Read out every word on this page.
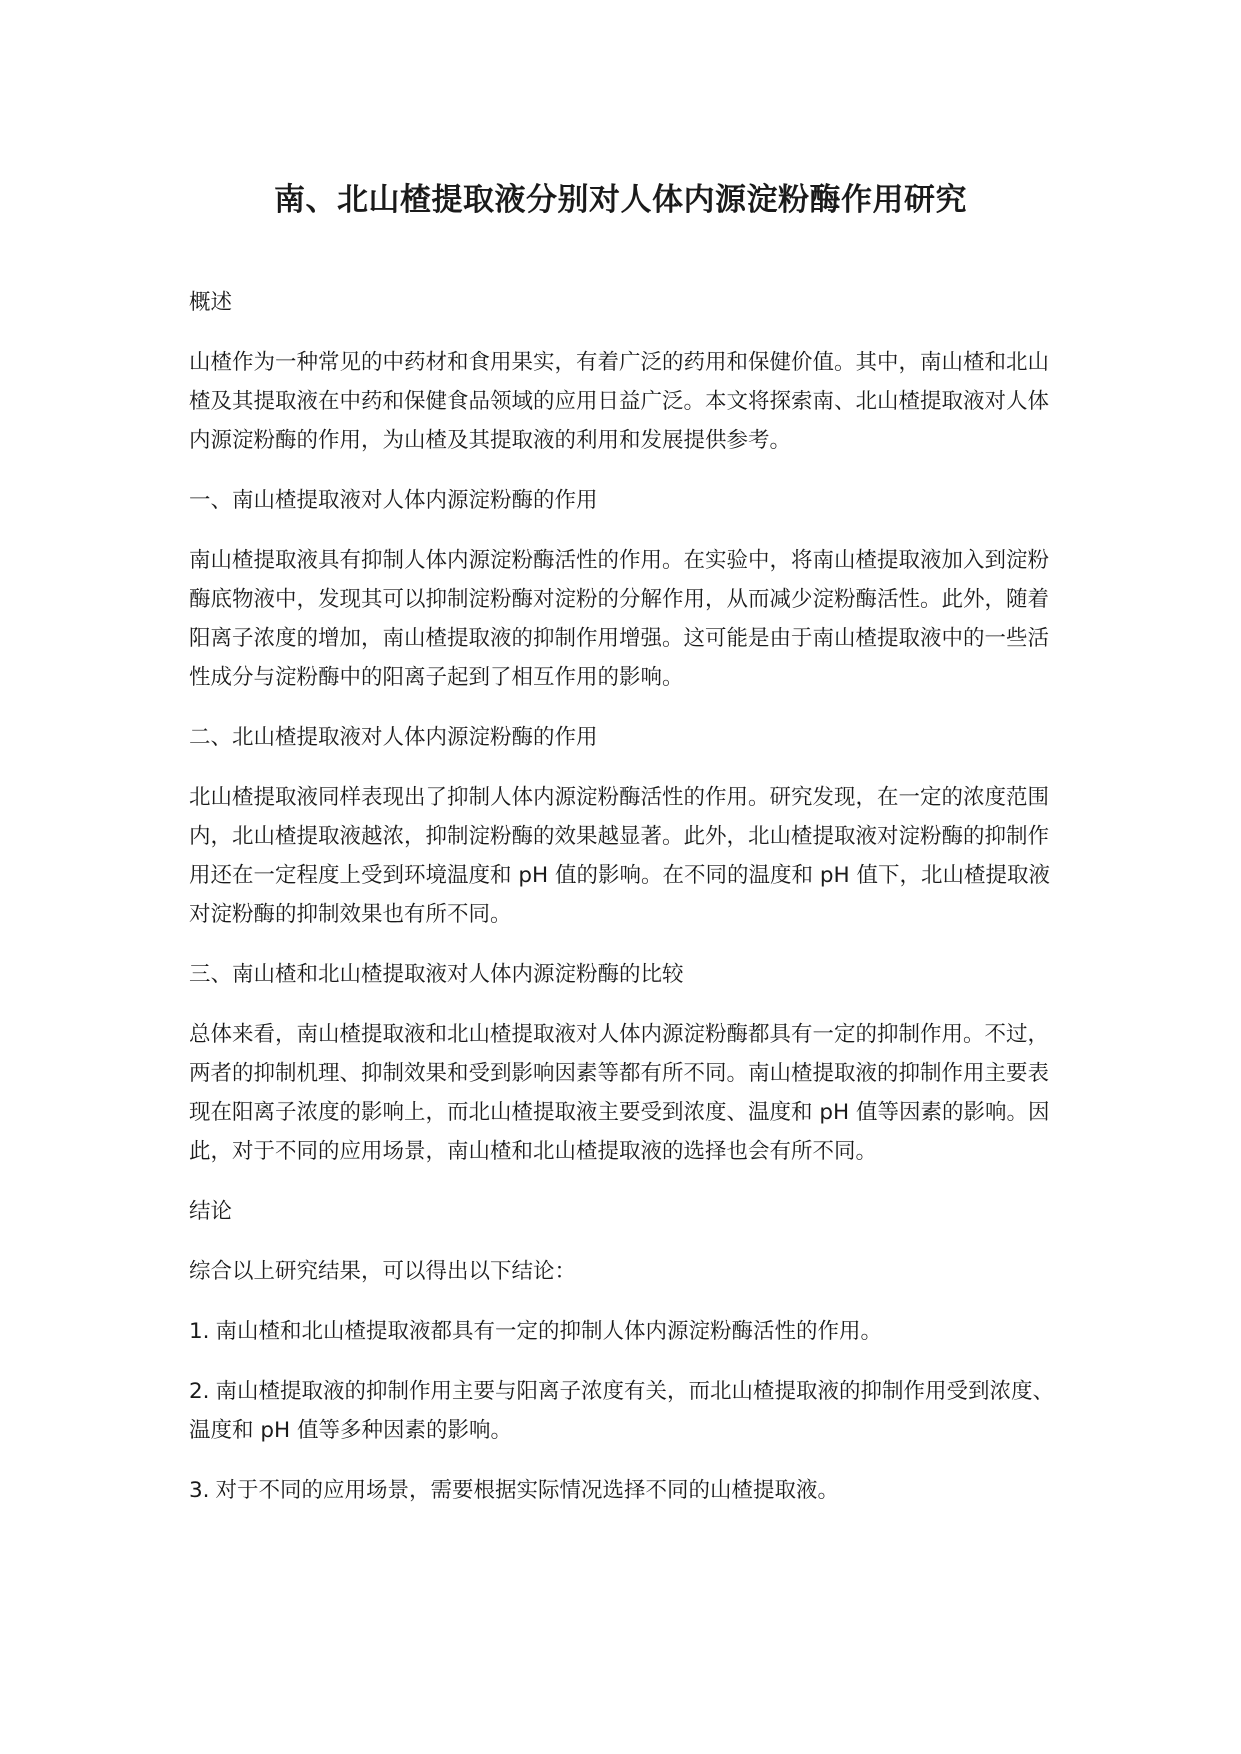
南、北山楂提取液分别对人体内源淀粉酶作用研究

概述

山楂作为一种常见的中药材和食用果实，有着广泛的药用和保健价值。其中，南山楂和北山楂及其提取液在中药和保健食品领域的应用日益广泛。本文将探索南、北山楂提取液对人体内源淀粉酶的作用，为山楂及其提取液的利用和发展提供参考。

一、南山楂提取液对人体内源淀粉酶的作用

南山楂提取液具有抑制人体内源淀粉酶活性的作用。在实验中，将南山楂提取液加入到淀粉酶底物液中，发现其可以抑制淀粉酶对淀粉的分解作用，从而减少淀粉酶活性。此外，随着阳离子浓度的增加，南山楂提取液的抑制作用增强。这可能是由于南山楂提取液中的一些活性成分与淀粉酶中的阳离子起到了相互作用的影响。

二、北山楂提取液对人体内源淀粉酶的作用

北山楂提取液同样表现出了抑制人体内源淀粉酶活性的作用。研究发现，在一定的浓度范围内，北山楂提取液越浓，抑制淀粉酶的效果越显著。此外，北山楂提取液对淀粉酶的抑制作用还在一定程度上受到环境温度和 pH 值的影响。在不同的温度和 pH 值下，北山楂提取液对淀粉酶的抑制效果也有所不同。

三、南山楂和北山楂提取液对人体内源淀粉酶的比较

总体来看，南山楂提取液和北山楂提取液对人体内源淀粉酶都具有一定的抑制作用。不过，两者的抑制机理、抑制效果和受到影响因素等都有所不同。南山楂提取液的抑制作用主要表现在阳离子浓度的影响上，而北山楂提取液主要受到浓度、温度和 pH 值等因素的影响。因此，对于不同的应用场景，南山楂和北山楂提取液的选择也会有所不同。

结论

综合以上研究结果，可以得出以下结论：

1. 南山楂和北山楂提取液都具有一定的抑制人体内源淀粉酶活性的作用。

2. 南山楂提取液的抑制作用主要与阳离子浓度有关，而北山楂提取液的抑制作用受到浓度、温度和 pH 值等多种因素的影响。

3. 对于不同的应用场景，需要根据实际情况选择不同的山楂提取液。
